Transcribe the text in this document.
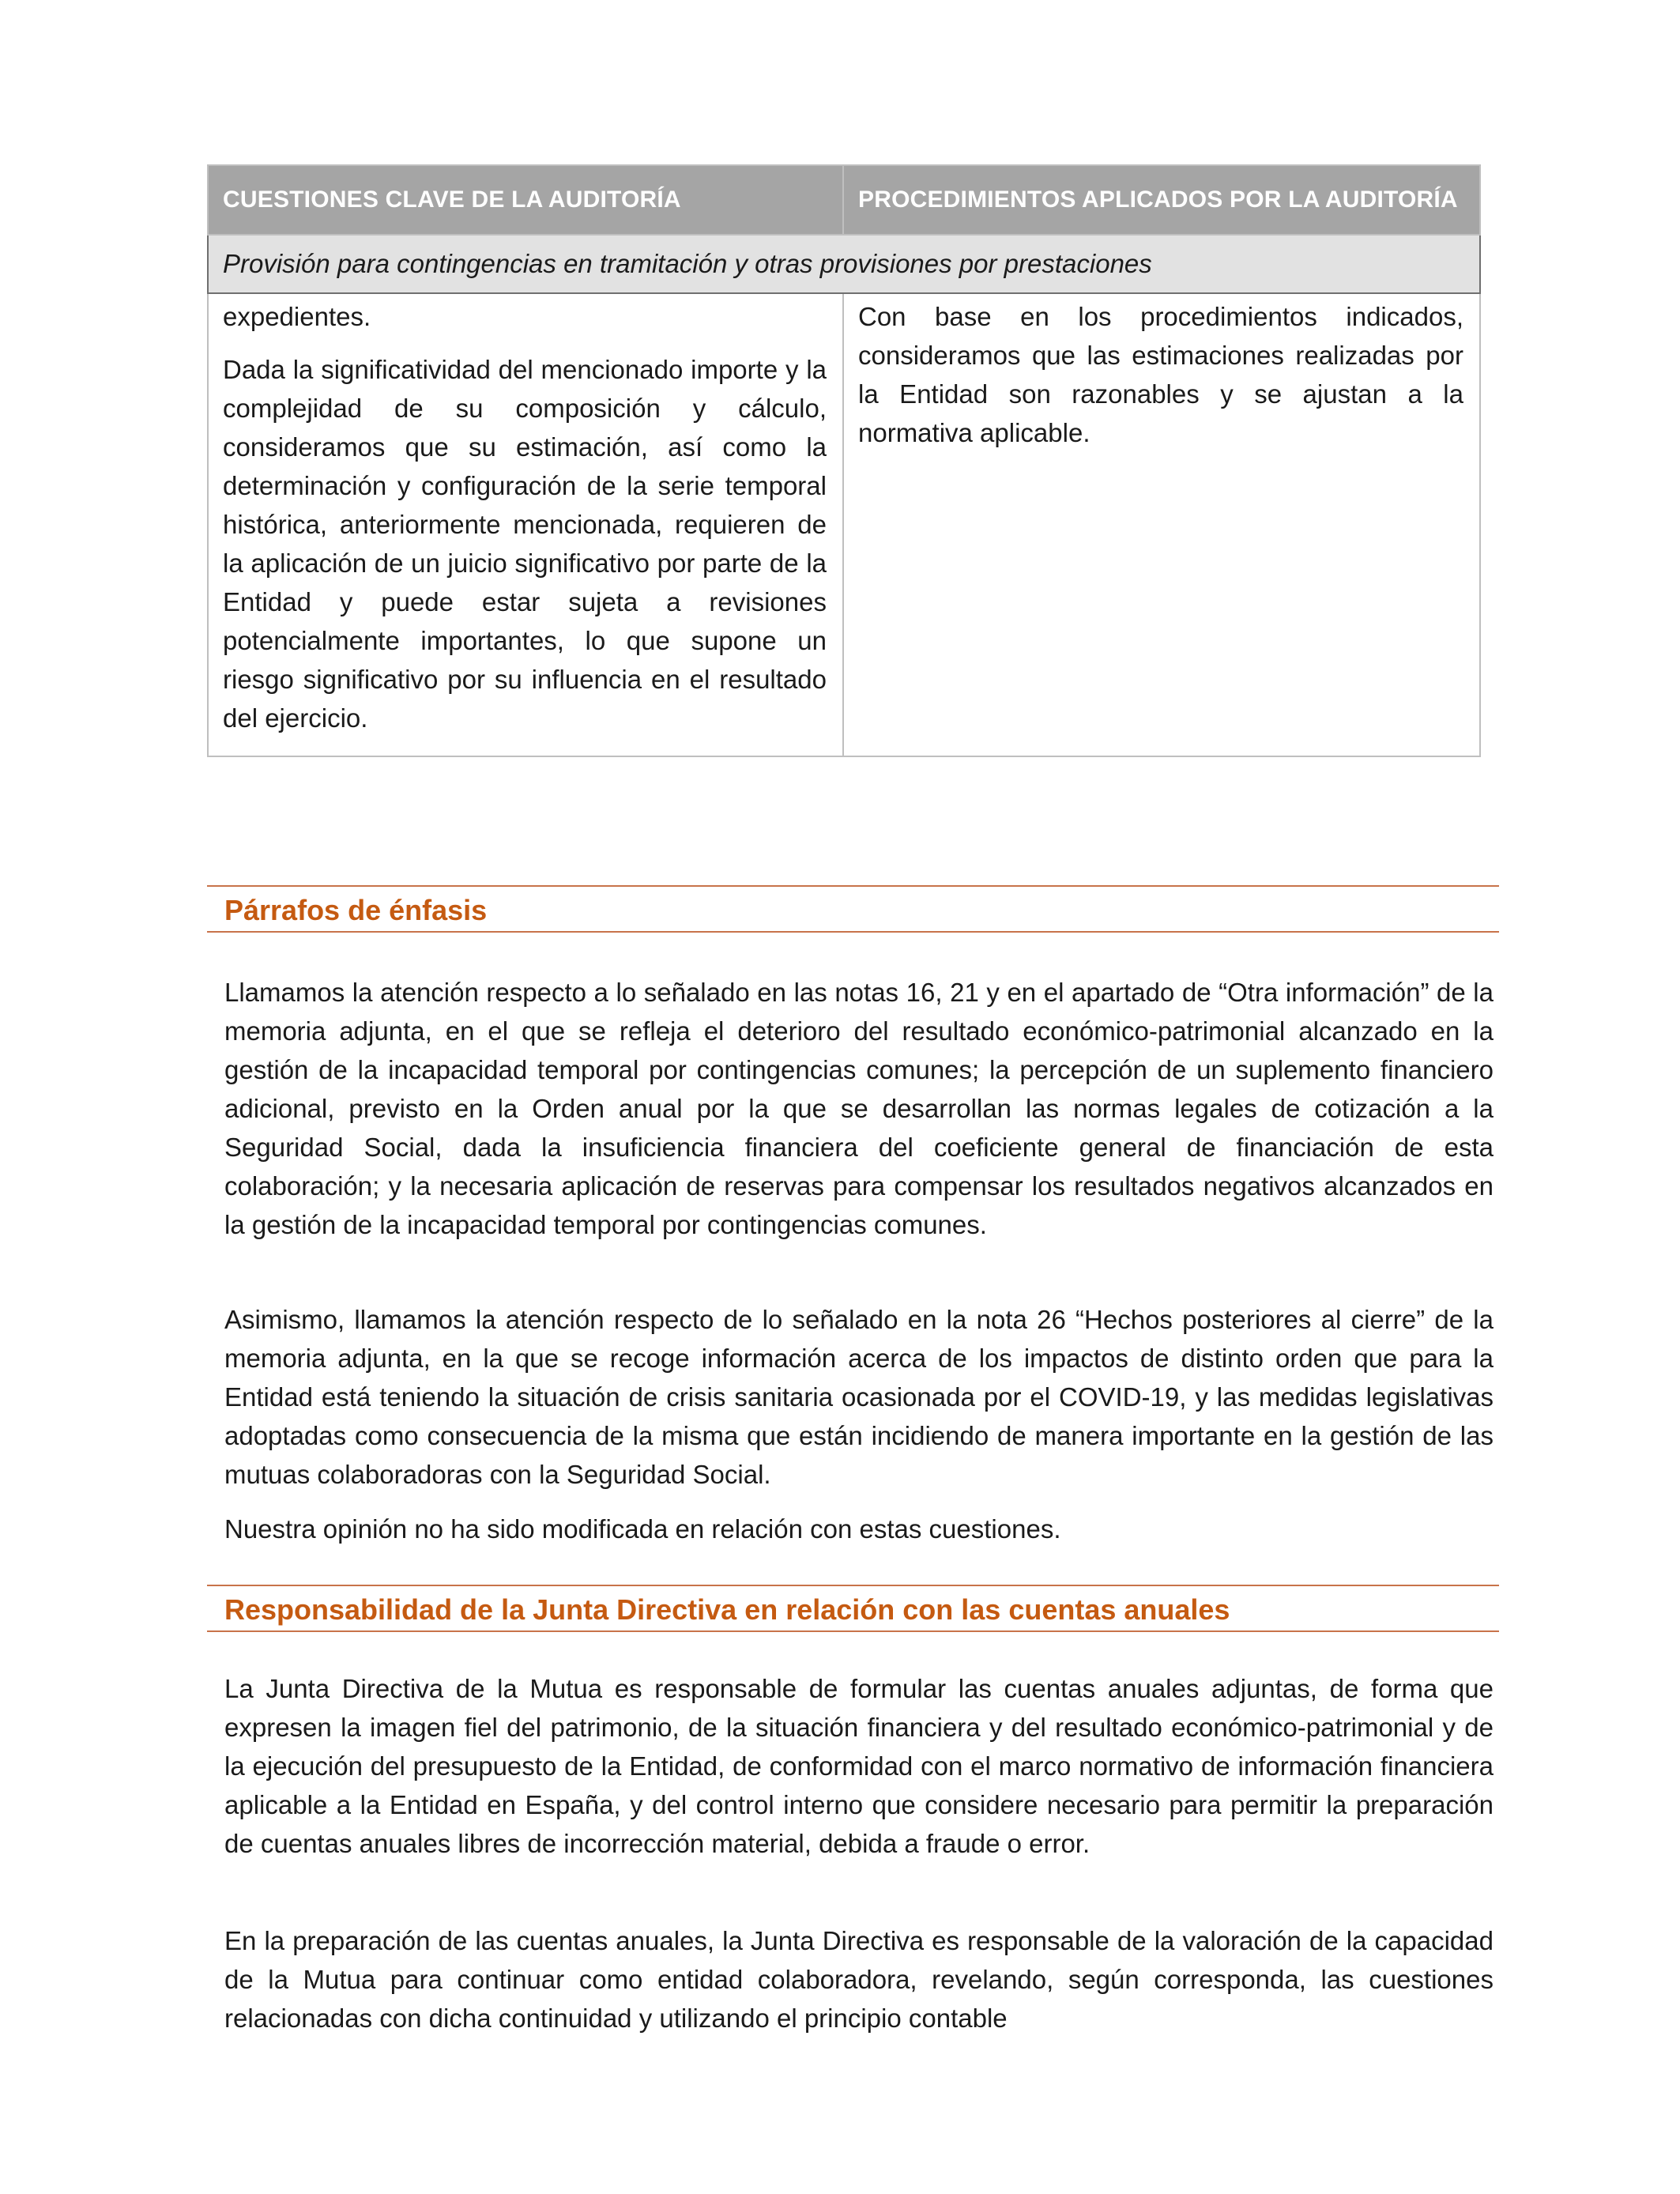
CUESTIONES CLAVE DE LA AUDITORÍA	PROCEDIMIENTOS APLICADOS POR LA AUDITORÍA
Provisión para contingencias en tramitación y otras provisiones por prestaciones	

expedientes.

Dada la significatividad del mencionado importe y la complejidad de su composición y cálculo, consideramos que su estimación, así como la determinación y configuración de la serie temporal histórica, anteriormente mencionada, requieren de la aplicación de un juicio significativo por parte de la Entidad y puede estar sujeta a revisiones potencialmente importantes, lo que supone un riesgo significativo por su influencia en el resultado del ejercicio.	Con base en los procedimientos indicados, consideramos que las estimaciones realizadas por la Entidad son razonables y se ajustan a la normativa aplicable.

Párrafos de énfasis

Llamamos la atención respecto a lo señalado en las notas 16, 21 y en el apartado de “Otra información” de la memoria adjunta, en el que se refleja el deterioro del resultado económico-patrimonial alcanzado en la gestión de la incapacidad temporal por contingencias comunes; la percepción de un suplemento financiero adicional, previsto en la Orden anual por la que se desarrollan las normas legales de cotización a la Seguridad Social, dada la insuficiencia financiera del coeficiente general de financiación de esta colaboración; y la necesaria aplicación de reservas para compensar los resultados negativos alcanzados en la gestión de la incapacidad temporal por contingencias comunes.

Asimismo, llamamos la atención respecto de lo señalado en la nota 26 “Hechos posteriores al cierre” de la memoria adjunta, en la que se recoge información acerca de los impactos de distinto orden que para la Entidad está teniendo la situación de crisis sanitaria ocasionada por el COVID-19, y las medidas legislativas adoptadas como consecuencia de la misma que están incidiendo de manera importante en la gestión de las mutuas colaboradoras con la Seguridad Social.

Nuestra opinión no ha sido modificada en relación con estas cuestiones.

Responsabilidad de la Junta Directiva en relación con las cuentas anuales

La Junta Directiva de la Mutua es responsable de formular las cuentas anuales adjuntas, de forma que expresen la imagen fiel del patrimonio, de la situación financiera y del resultado económico-patrimonial y de la ejecución del presupuesto de la Entidad, de conformidad con el marco normativo de información financiera aplicable a la Entidad en España, y del control interno que considere necesario para permitir la preparación de cuentas anuales libres de incorrección material, debida a fraude o error.

En la preparación de las cuentas anuales, la Junta Directiva es responsable de la valoración de la capacidad de la Mutua para continuar como entidad colaboradora, revelando, según corresponda, las cuestiones relacionadas con dicha continuidad y utilizando el principio contable
